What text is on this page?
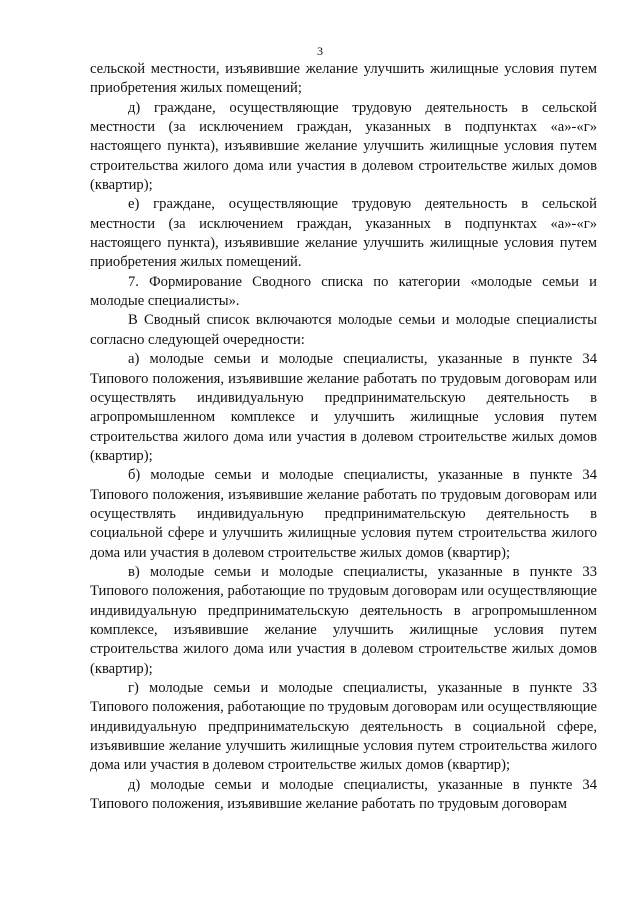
3

сельской местности, изъявившие желание улучшить жилищные условия путем приобретения жилых помещений;

д) граждане, осуществляющие трудовую деятельность в сельской местности (за исключением граждан, указанных в подпунктах «а»-«г» настоящего пункта), изъявившие желание улучшить жилищные условия путем строительства жилого дома или участия в долевом строительстве жилых домов (квартир);

е) граждане, осуществляющие трудовую деятельность в сельской местности (за исключением граждан, указанных в подпунктах «а»-«г» настоящего пункта), изъявившие желание улучшить жилищные условия путем приобретения жилых помещений.

7. Формирование Сводного списка по категории «молодые семьи и молодые специалисты».

В Сводный список включаются молодые семьи и молодые специалисты согласно следующей очередности:

а) молодые семьи и молодые специалисты, указанные в пункте 34 Типового положения, изъявившие желание работать по трудовым договорам или осуществлять индивидуальную предпринимательскую деятельность в агропромышленном комплексе и улучшить жилищные условия путем строительства жилого дома или участия в долевом строительстве жилых домов (квартир);

б) молодые семьи и молодые специалисты, указанные в пункте 34 Типового положения, изъявившие желание работать по трудовым договорам или осуществлять индивидуальную предпринимательскую деятельность в социальной сфере и улучшить жилищные условия путем строительства жилого дома или участия в долевом строительстве жилых домов (квартир);

в) молодые семьи и молодые специалисты, указанные в пункте 33 Типового положения, работающие по трудовым договорам или осуществляющие индивидуальную предпринимательскую деятельность в агропромышленном комплексе, изъявившие желание улучшить жилищные условия путем строительства жилого дома или участия в долевом строительстве жилых домов (квартир);

г) молодые семьи и молодые специалисты, указанные в пункте 33 Типового положения, работающие по трудовым договорам или осуществляющие индивидуальную предпринимательскую деятельность в социальной сфере, изъявившие желание улучшить жилищные условия путем строительства жилого дома или участия в долевом строительстве жилых домов (квартир);

д) молодые семьи и молодые специалисты, указанные в пункте 34 Типового положения, изъявившие желание работать по трудовым договорам
